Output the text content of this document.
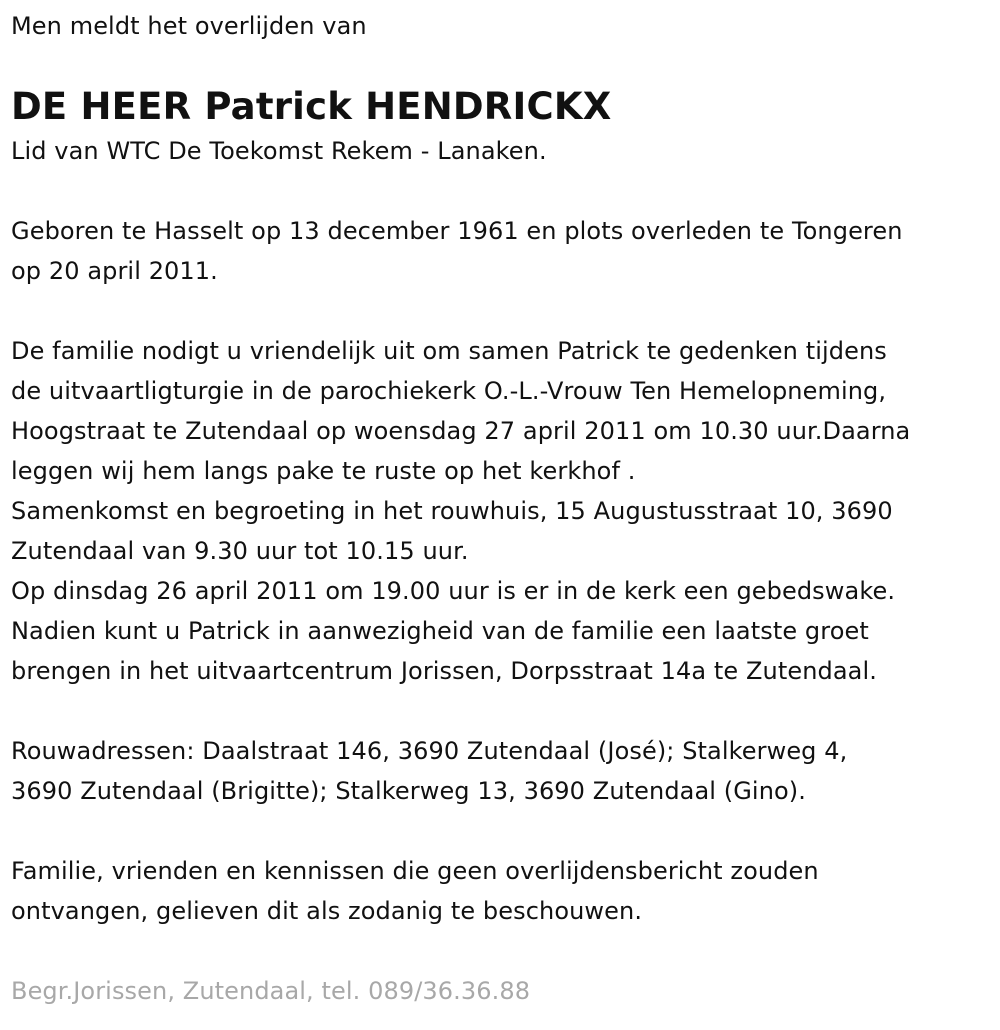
Men meldt het overlijden van
DE HEER Patrick HENDRICKX
Lid van WTC De Toekomst Rekem - Lanaken.
Geboren te Hasselt op 13 december 1961 en plots overleden te Tongeren
op 20 april 2011.
De familie nodigt u vriendelijk uit om samen Patrick te gedenken tijdens
de uitvaartligturgie in de parochiekerk O.-L.-Vrouw Ten Hemelopneming,
Hoogstraat te Zutendaal op woensdag 27 april 2011 om 10.30 uur.Daarna
leggen wij hem langs pake te ruste op het kerkhof .
Samenkomst en begroeting in het rouwhuis, 15 Augustusstraat 10, 3690
Zutendaal van 9.30 uur tot 10.15 uur.
Op dinsdag 26 april 2011 om 19.00 uur is er in de kerk een gebedswake.
Nadien kunt u Patrick in aanwezigheid van de familie een laatste groet
brengen in het uitvaartcentrum Jorissen, Dorpsstraat 14a te Zutendaal.
Rouwadressen: Daalstraat 146, 3690 Zutendaal (José); Stalkerweg 4,
3690 Zutendaal (Brigitte); Stalkerweg 13, 3690 Zutendaal (Gino).
Familie, vrienden en kennissen die geen overlijdensbericht zouden
ontvangen, gelieven dit als zodanig te beschouwen.
Begr.Jorissen, Zutendaal, tel. 089/36.36.88
